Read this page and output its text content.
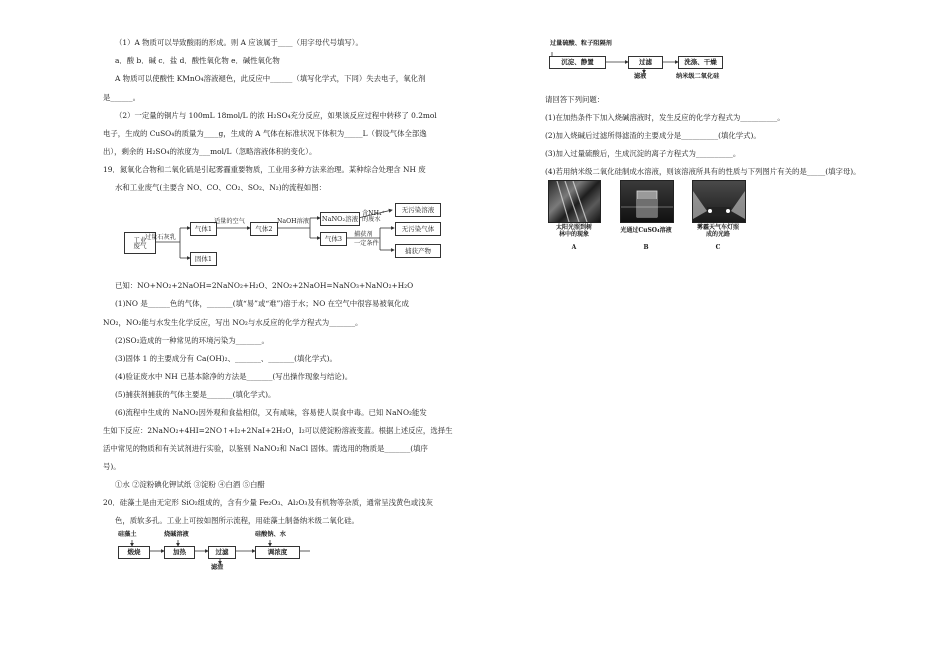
（1）A 物质可以导致酸雨的形成。则 A 应该属于____（用字母代号填写）。
a．酸 b．碱 c．盐 d．酸性氧化物 e．碱性氧化物
A 物质可以使酸性 KMnO₄溶液褪色，此反应中______（填写化学式，下同）失去电子，氧化剂
是______。
（2）一定量的铜片与 100mL 18mol/L 的浓 H₂SO₄充分反应，如果该反应过程中转移了 0.2mol
电子，生成的 CuSO₄的质量为____g，生成的 A 气体在标准状况下体积为_____L（假设气体全部逸
出），剩余的 H₂SO₄的浓度为___mol/L（忽略溶液体积的变化）。
19．氮氧化合物和二氧化硫是引起雾霾重要物质，工业用多种方法来治理。某种综合处理含 NH 废
水和工业废气(主要含 NO、CO、CO₂、SO₂、N₂)的流程如图：
工业
废气
过量石灰乳
气体1
固体1
适量的空气
气体2
NaOH溶液 NaNO₂溶液
含NH₄⁺
的废水
气体3
捕获剂
一定条件
无污染溶液
无污染气体
捕获产物
已知：NO+NO₂+2NaOH=2NaNO₂+H₂O、2NO₂+2NaOH=NaNO₃+NaNO₂+H₂O
(1)NO 是______色的气体，_______(填“易”或“难”)溶于水；NO 在空气中很容易被氧化成
NO₂，NO₂能与水发生化学反应，写出 NO₂与水反应的化学方程式为_______。
(2)SO₂造成的一种常见的环境污染为_______。
(3)固体 1 的主要成分有 Ca(OH)₂、_______、_______(填化学式)。
(4)验证废水中 NH 已基本除净的方法是_______(写出操作现象与结论)。
(5)捕获剂捕获的气体主要是_______(填化学式)。
(6)流程中生成的 NaNO₂因外观和食盐相似，又有咸味，容易使人误食中毒。已知 NaNO₂能发
生如下反应：2NaNO₂+4HI=2NO↑+I₂+2NaI+2H₂O，I₂可以使淀粉溶液变蓝。根据上述反应，选择生
活中常见的物质和有关试剂进行实验，以鉴别 NaNO₂和 NaCl 固体。需选用的物质是_______(填序
号)。
①水 ②淀粉碘化钾试纸 ③淀粉 ④白酒 ⑤白醋
20．硅藻土是由无定形 SiO₂组成的，含有少量 Fe₂O₃、Al₂O₃及有机物等杂质，通常呈浅黄色或浅灰
色，质软多孔。工业上可按如图所示流程，用硅藻土制备纳米级二氧化硅。
硅藻土	烧碱溶液	硅酸钠、水
煅烧	加热	过滤	调浓度
滤渣
过量硫酸、粒子阻隔剂
沉淀、静置	过滤	洗涤、干燥
滤液	纳米级二氧化硅
请回答下列问题：
(1)在加热条件下加入烧碱溶液时，发生反应的化学方程式为__________。
(2)加入烧碱后过滤所得滤渣的主要成分是__________(填化学式)。
(3)加入过量硫酸后，生成沉淀的离子方程式为__________。
(4)若用纳米级二氧化硅制成水溶液，则该溶液所具有的性质与下列图片有关的是_____(填字母)。
太阳光照到树
林中的现象
光通过CuSO₄溶液	雾霾天气车灯照
成的光路
A	B	C
